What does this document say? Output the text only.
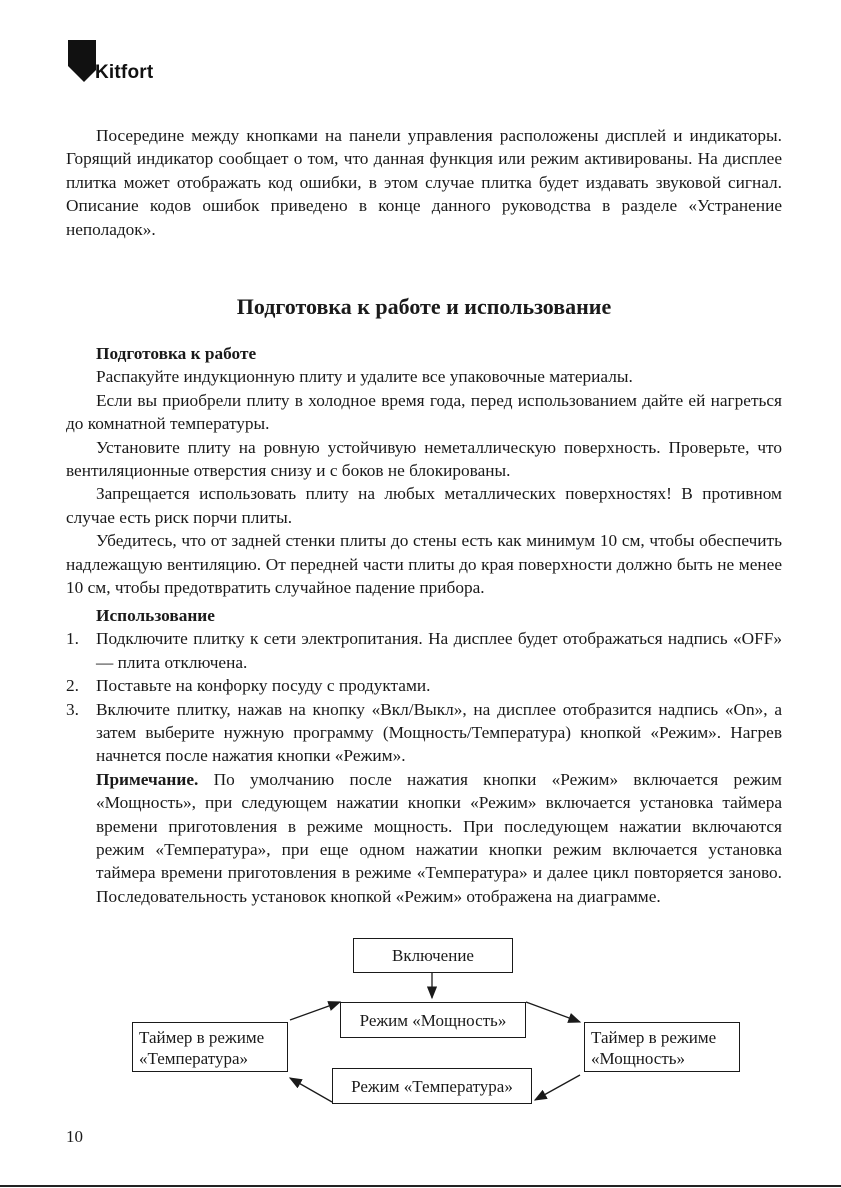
Kitfort

Посередине между кнопками на панели управления расположены дисплей и индикаторы. Горящий индикатор сообщает о том, что данная функция или режим активированы. На дисплее плитка может отображать код ошибки, в этом случае плитка будет издавать звуковой сигнал. Описание кодов ошибок приведено в конце данного руководства в разделе «Устранение неполадок».

Подготовка к работе и использование

Подготовка к работе

Распакуйте индукционную плиту и удалите все упаковочные материалы.

Если вы приобрели плиту в холодное время года, перед использованием дайте ей нагреться до комнатной температуры.

Установите плиту на ровную устойчивую неметаллическую поверхность. Проверьте, что вентиляционные отверстия снизу и с боков не блокированы.

Запрещается использовать плиту на любых металлических поверхностях! В противном случае есть риск порчи плиты.

Убедитесь, что от задней стенки плиты до стены есть как минимум 10 см, чтобы обеспечить надлежащую вентиляцию. От передней части плиты до края поверхности должно быть не менее 10 см, чтобы предотвратить случайное падение прибора.

Использование

1. Подключите плитку к сети электропитания. На дисплее будет отображаться надпись «OFF» — плита отключена.
2. Поставьте на конфорку посуду с продуктами.
3. Включите плитку, нажав на кнопку «Вкл/Выкл», на дисплее отобразится надпись «On», а затем выберите нужную программу (Мощность/Температура) кнопкой «Режим». Нагрев начнется после нажатия кнопки «Режим».

Примечание. По умолчанию после нажатия кнопки «Режим» включается режим «Мощность», при следующем нажатии кнопки «Режим» включается установка таймера времени приготовления в режиме мощность. При последующем нажатии включаются режим «Температура», при еще одном нажатии кнопки режим включается установка таймера времени приготовления в режиме «Температура» и далее цикл повторяется заново. Последовательность установок кнопкой «Режим» отображена на диаграмме.

Включение
Режим «Мощность»
Таймер в режиме
«Мощность»
Режим «Температура»
Таймер в режиме
«Температура»
10
